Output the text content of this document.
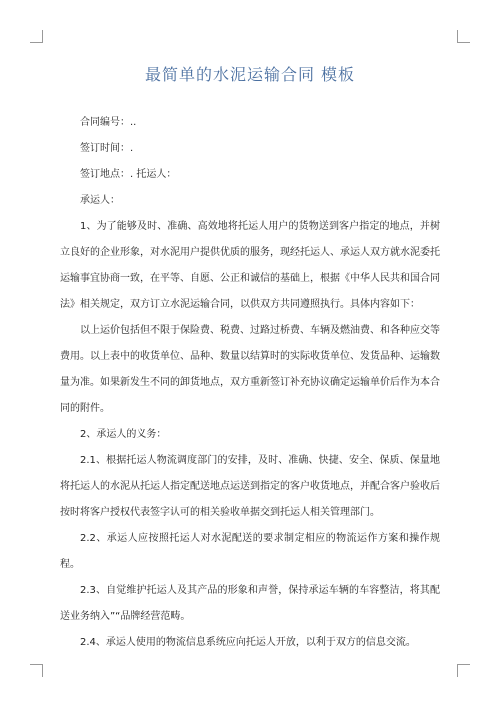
最简单的水泥运输合同 模板

合同编号：..

签订时间：.

签订地点：. 托运人：

承运人：

1、为了能够及时、准确、高效地将托运人用户的货物送到客户指定的地点，并树立良好的企业形象，对水泥用户提供优质的服务，现经托运人、承运人双方就水泥委托运输事宜协商一致，在平等、自愿、公正和诚信的基础上，根据《中华人民共和国合同法》相关规定，双方订立水泥运输合同，以供双方共同遵照执行。具体内容如下：

以上运价包括但不限于保险费、税费、过路过桥费、车辆及燃油费、和各种应交等费用。以上表中的收货单位、品种、数量以结算时的实际收货单位、发货品种、运输数量为准。如果新发生不同的卸货地点，双方重新签订补充协议确定运输单价后作为本合同的附件。

2、承运人的义务：

2.1、根据托运人物流调度部门的安排，及时、准确、快捷、安全、保质、保量地将托运人的水泥从托运人指定配送地点运送到指定的客户收货地点，并配合客户验收后按时将客户授权代表签字认可的相关验收单据交到托运人相关管理部门。

2.2、承运人应按照托运人对水泥配送的要求制定相应的物流运作方案和操作规程。

2.3、自觉维护托运人及其产品的形象和声誉，保持承运车辆的车容整洁，将其配送业务纳入”“品牌经营范畴。

2.4、承运人使用的物流信息系统应向托运人开放，以利于双方的信息交流。
